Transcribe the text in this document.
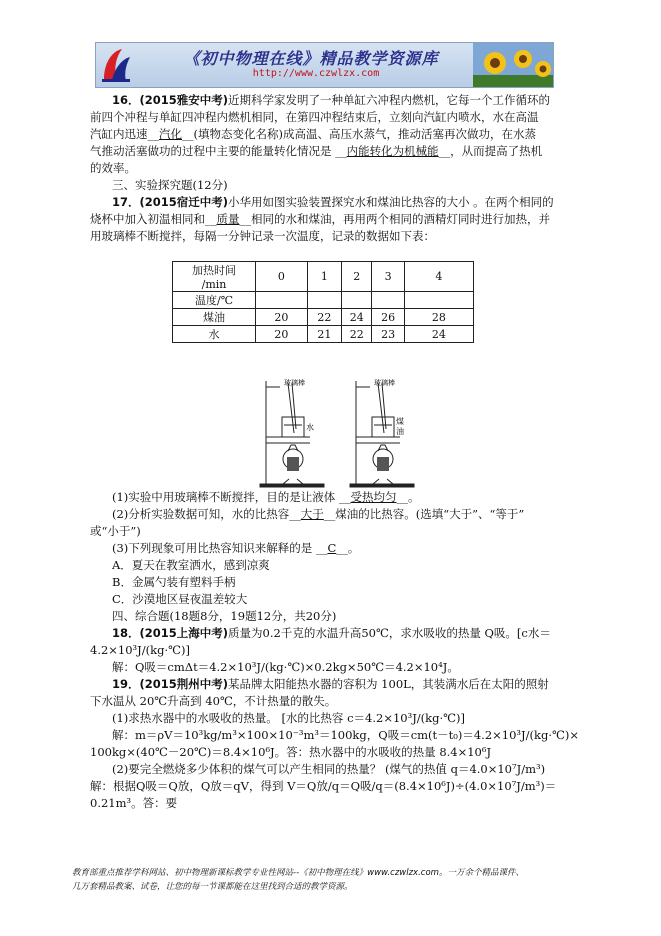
《初中物理在线》精品教学资源库
http://www.czwlzx.com

16．(2015雅安中考)近期科学家发明了一种单缸六冲程内燃机，它每一个工作循环的

前四个冲程与单缸四冲程内燃机相同，在第四冲程结束后，立刻向汽缸内喷水，水在高温

汽缸内迅速__汽化__(填物态变化名称)成高温、高压水蒸气，推动活塞再次做功，在水蒸

气推动活塞做功的过程中主要的能量转化情况是 __内能转化为机械能__，从而提高了热机

的效率。

三、实验探究题(12分)

17．(2015宿迁中考)小华用如图实验装置探究水和煤油比热容的大小 。在两个相同的

烧杯中加入初温相同和__质量__相同的水和煤油，再用两个相同的酒精灯同时进行加热，并

用玻璃棒不断搅拌，每隔一分钟记录一次温度，记录的数据如下表：

加热时间
/min	0	1	2	3	4
温度/℃					
煤油	20	22	24	26	28
水	20	21	22	23	24
玻璃棒	玻璃棒
水
煤
油

(1)实验中用玻璃棒不断搅拌，目的是让液体 __受热均匀__。

(2)分析实验数据可知，水的比热容__大于__煤油的比热容。(选填“大于”、“等于”

或“小于”)

(3)下列现象可用比热容知识来解释的是 __C__。

A．夏天在教室洒水，感到凉爽

B．金属勺装有塑料手柄

C．沙漠地区昼夜温差较大

四、综合题(18题8分，19题12分，共20分)

18．(2015上海中考)质量为0.2千克的水温升高50℃，求水吸收的热量 Q吸。[c水＝

4.2×10³J/(kg·℃)]

解：Q吸＝cmΔt＝4.2×10³J/(kg·℃)×0.2kg×50℃＝4.2×10⁴J。

19．(2015荆州中考)某品牌太阳能热水器的容积为 100L，其装满水后在太阳的照射

下水温从 20℃升高到 40℃，不计热量的散失。

(1)求热水器中的水吸收的热量。 [水的比热容 c＝4.2×10³J/(kg·℃)]

解：m＝ρV＝10³kg/m³×100×10⁻³m³＝100kg，Q吸＝cm(t－t₀)＝4.2×10³J/(kg·℃)×

100kg×(40℃－20℃)＝8.4×10⁶J。答：热水器中的水吸收的热量 8.4×10⁶J

(2)要完全燃烧多少体积的煤气可以产生相同的热量？ (煤气的热值 q＝4.0×10⁷J/m³)

解：根据Q吸＝Q放，Q放＝qV，得到 V＝Q放/q＝Q吸/q＝(8.4×10⁶J)÷(4.0×10⁷J/m³)＝0.21m³。答：要

教育部重点推荐学科网站、初中物理新课标教学专业性网站--《初中物理在线》www.czwlzx.com。一万余个精品课件、
几万套精品教案、试卷，让您的每一节课都能在这里找到合适的教学资源。
